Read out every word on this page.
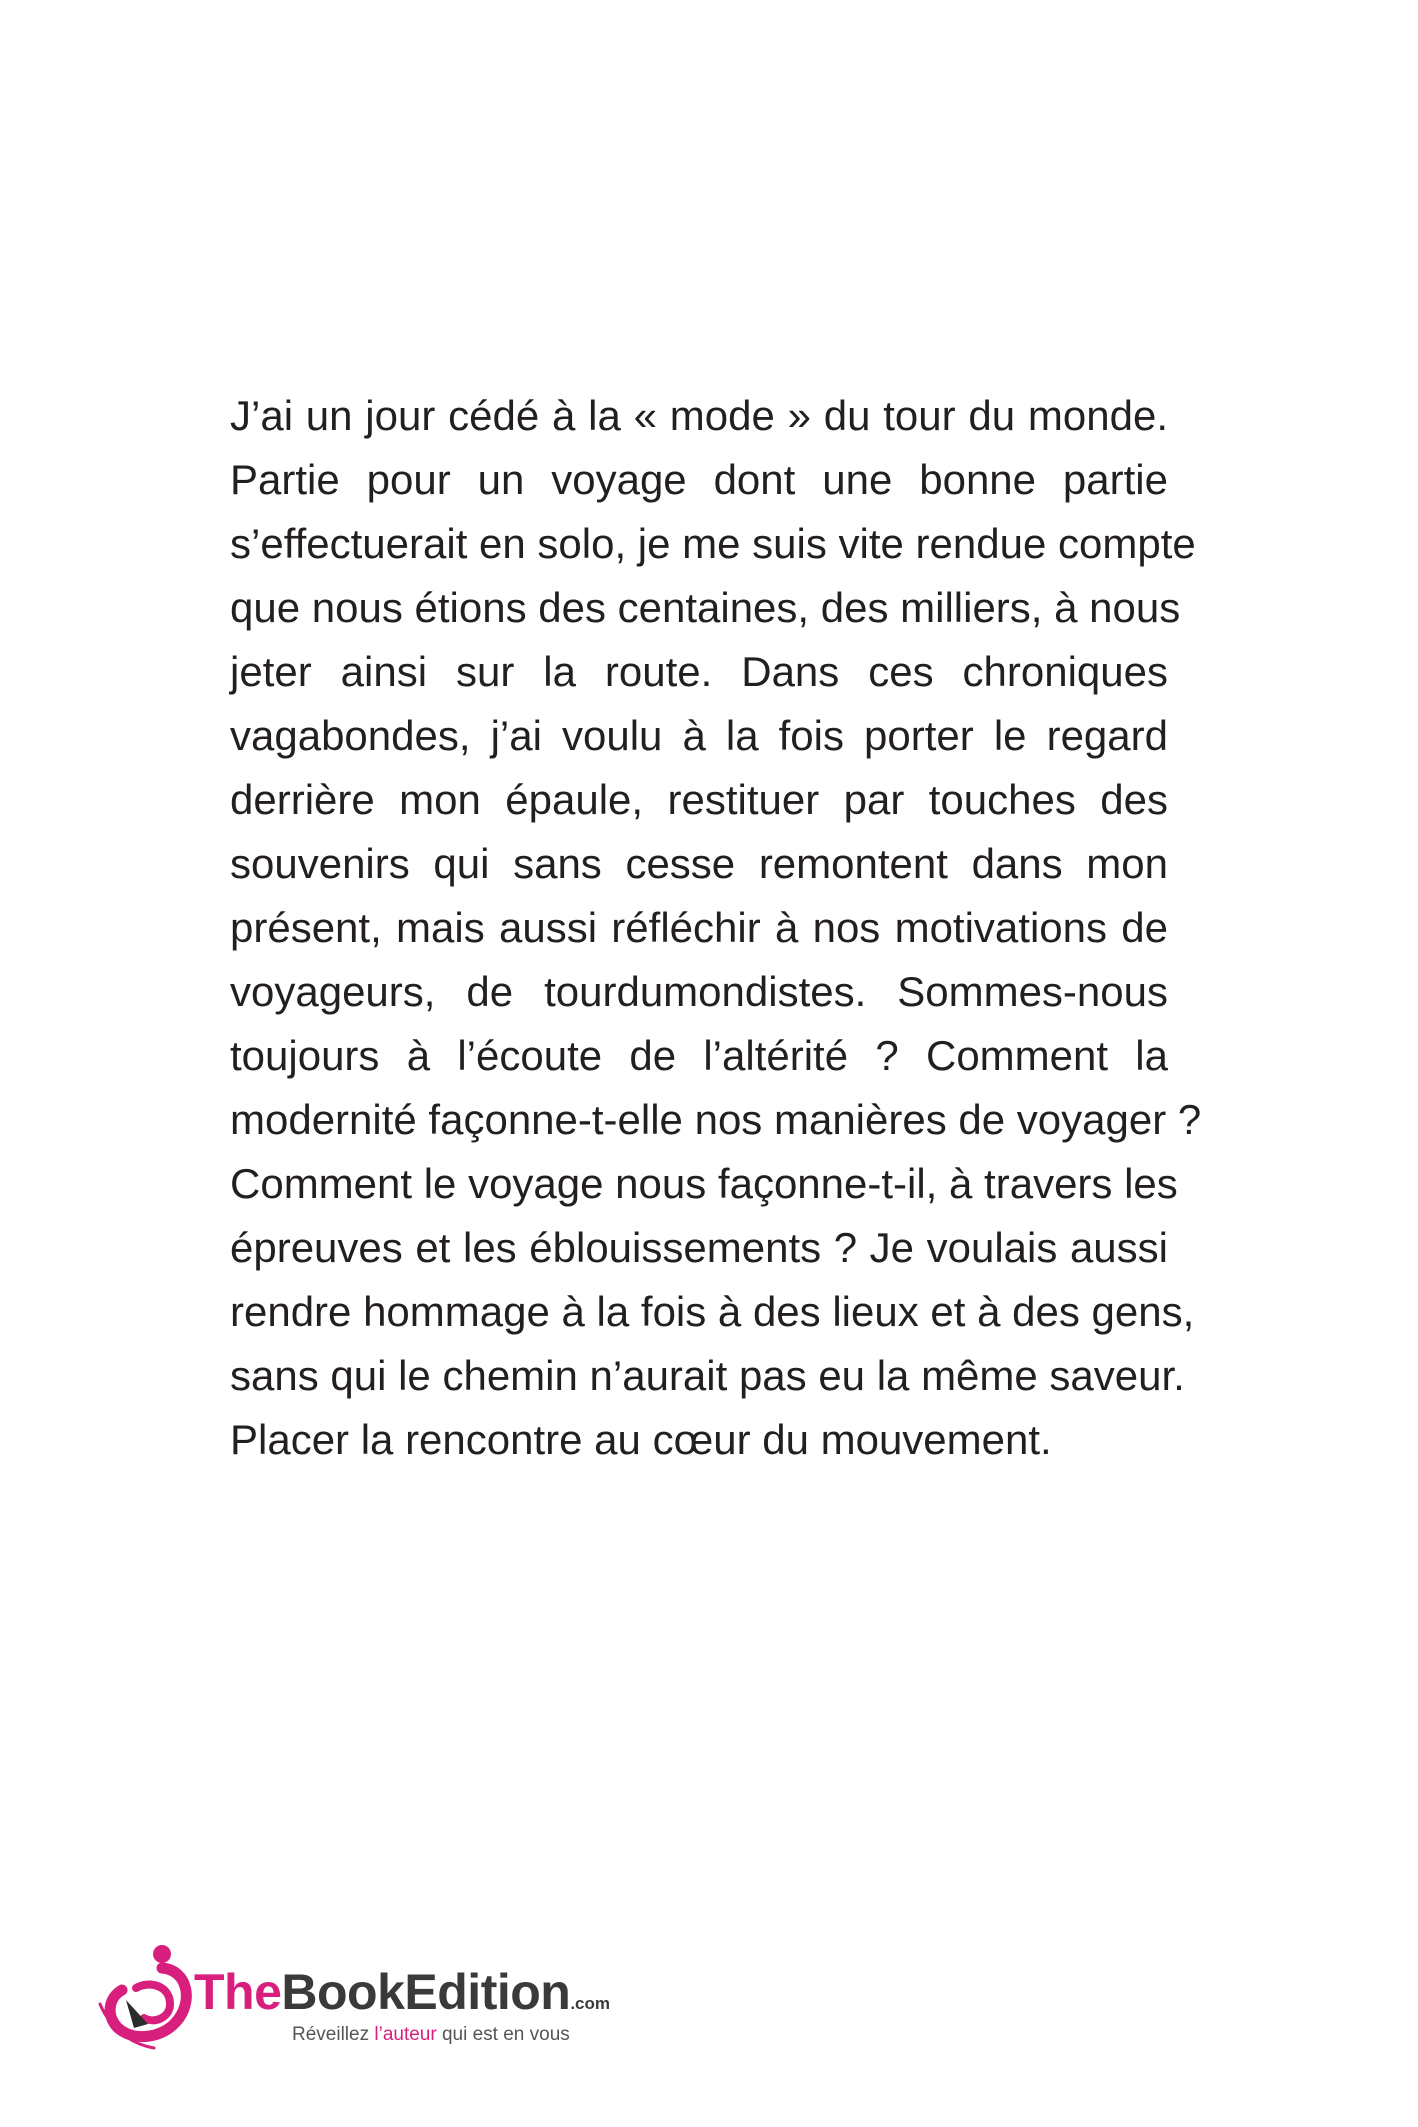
J’ai un jour cédé à la « mode » du tour du monde.
Partie pour un voyage dont une bonne partie
s’effectuerait en solo, je me suis vite rendue compte
que nous étions des centaines, des milliers, à nous
jeter ainsi sur la route. Dans ces chroniques
vagabondes, j’ai voulu à la fois porter le regard
derrière mon épaule, restituer par touches des
souvenirs qui sans cesse remontent dans mon
présent, mais aussi réfléchir à nos motivations de
voyageurs, de tourdumondistes. Sommes-nous
toujours à l’écoute de l’altérité ? Comment la
modernité façonne-t-elle nos manières de voyager ?
Comment le voyage nous façonne-t-il, à travers les
épreuves et les éblouissements ? Je voulais aussi
rendre hommage à la fois à des lieux et à des gens,
sans qui le chemin n’aurait pas eu la même saveur.
Placer la rencontre au cœur du mouvement.
TheBookEdition.com
Réveillez l’auteur qui est en vous
